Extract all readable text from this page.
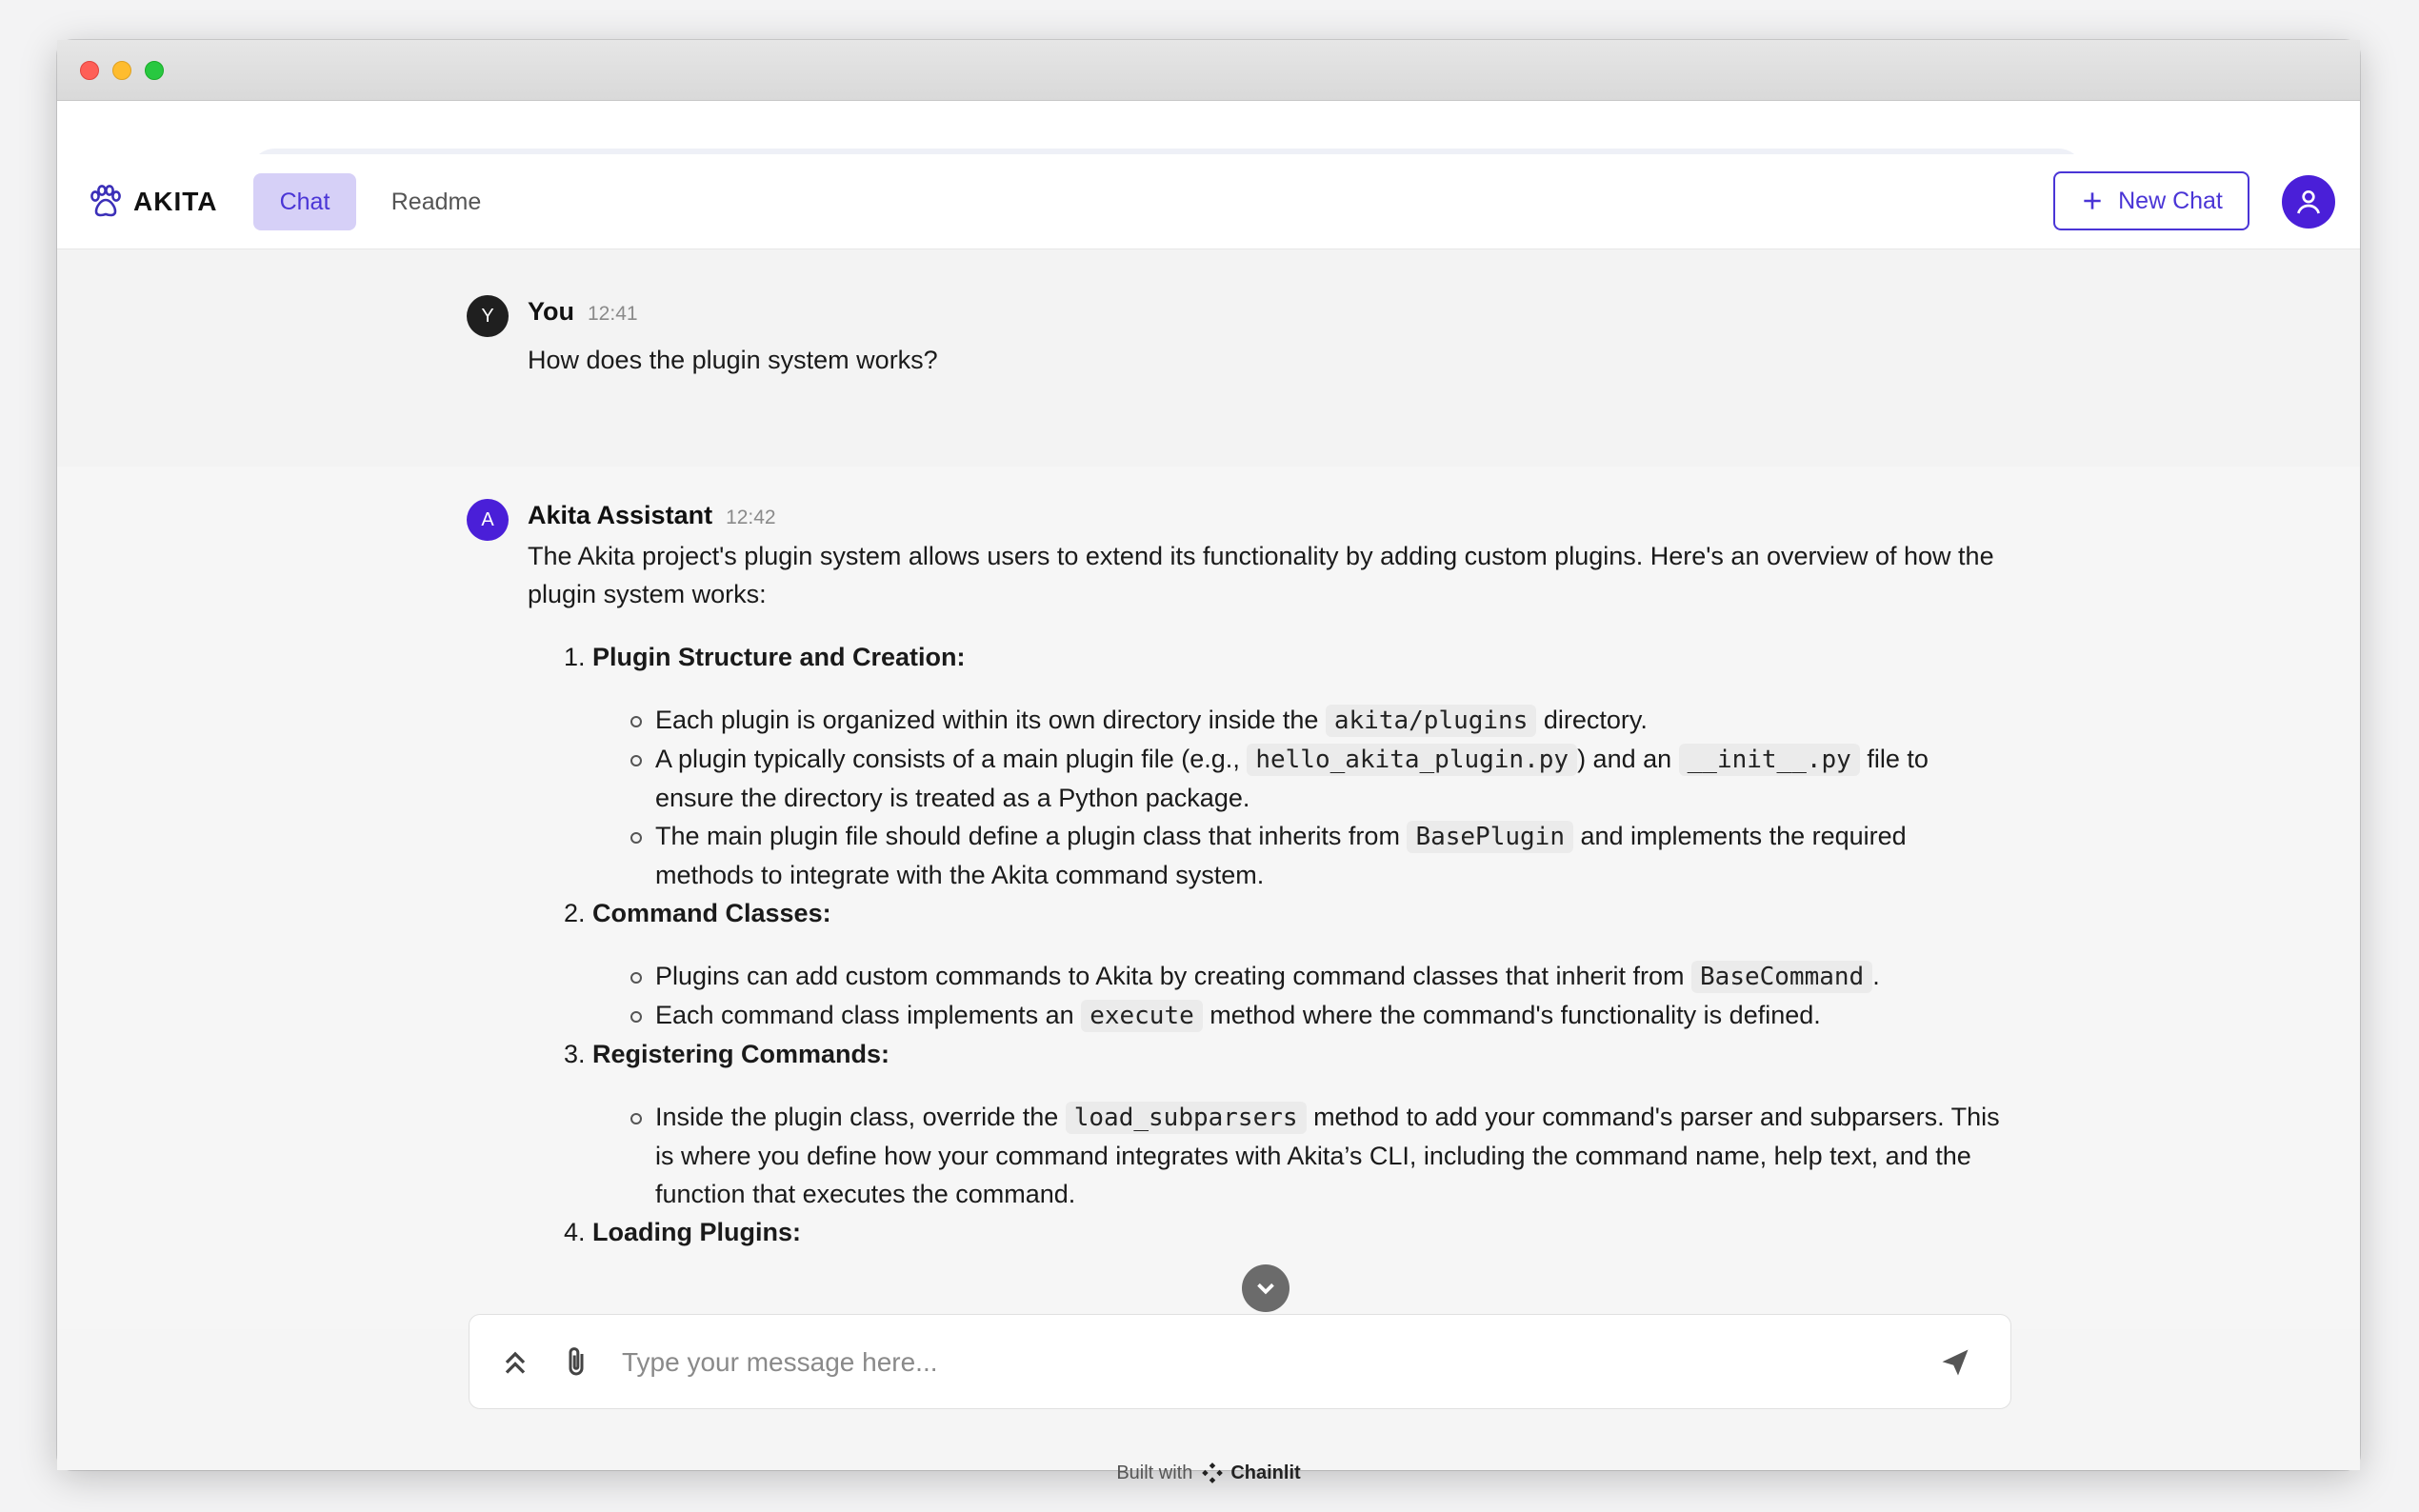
AKITA	Chat	Readme	New Chat
Y	You 12:41
How does the plugin system works?
A	Akita Assistant 12:42

The Akita project's plugin system allows users to extend its functionality by adding custom plugins. Here's an overview of how the plugin system works:

1. Plugin Structure and Creation:
Each plugin is organized within its own directory inside the akita/plugins directory.
A plugin typically consists of a main plugin file (e.g., hello_akita_plugin.py ) and an __init__.py file to ensure the directory is treated as a Python package.
The main plugin file should define a plugin class that inherits from BasePlugin and implements the required methods to integrate with the Akita command system.
2. Command Classes:
Plugins can add custom commands to Akita by creating command classes that inherit from BaseCommand .
Each command class implements an execute method where the command's functionality is defined.
3. Registering Commands:
Inside the plugin class, override the load_subparsers method to add your command's parser and subparsers. This is where you define how your command integrates with Akita’s CLI, including the command name, help text, and the function that executes the command.
4. Loading Plugins:
Type your message here...
Built with Chainlit
